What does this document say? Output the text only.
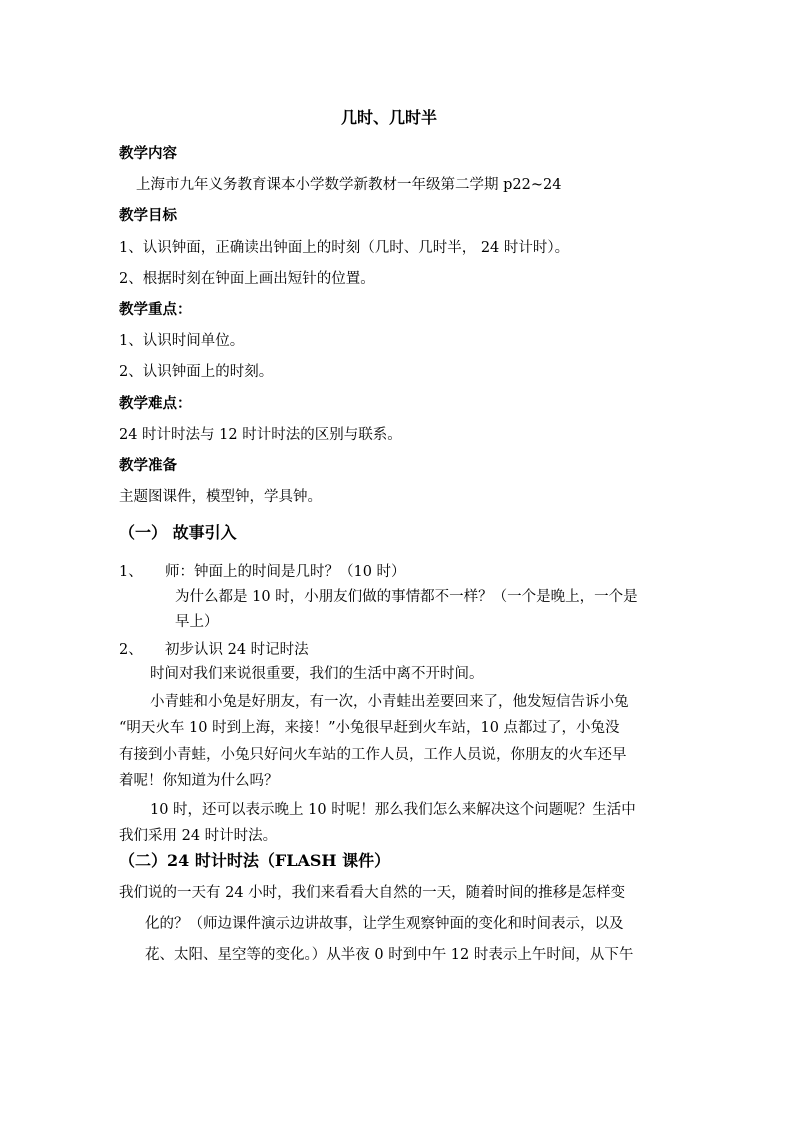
几时、几时半
教学内容
上海市九年义务教育课本小学数学新教材一年级第二学期 p22~24
教学目标
1、认识钟面，正确读出钟面上的时刻（几时、几时半， 24 时计时）。
2、根据时刻在钟面上画出短针的位置。
教学重点：
1、认识时间单位。
2、认识钟面上的时刻。
教学难点：
24 时计时法与 12 时计时法的区别与联系。
教学准备
主题图课件，模型钟，学具钟。
（一） 故事引入
1、 师：钟面上的时间是几时？（10 时）
为什么都是 10 时，小朋友们做的事情都不一样？（一个是晚上，一个是
早上）
2、 初步认识 24 时记时法
时间对我们来说很重要，我们的生活中离不开时间。
小青蛙和小兔是好朋友，有一次，小青蛙出差要回来了，他发短信告诉小兔
“明天火车 10 时到上海，来接！”小兔很早赶到火车站，10 点都过了，小兔没
有接到小青蛙，小兔只好问火车站的工作人员，工作人员说，你朋友的火车还早
着呢！你知道为什么吗？
10 时，还可以表示晚上 10 时呢！那么我们怎么来解决这个问题呢？生活中
我们采用 24 时计时法。
（二）24 时计时法（FLASH 课件）
我们说的一天有 24 小时，我们来看看大自然的一天，随着时间的推移是怎样变
化的？（师边课件演示边讲故事，让学生观察钟面的变化和时间表示，以及
花、太阳、星空等的变化。）从半夜 0 时到中午 12 时表示上午时间，从下午
